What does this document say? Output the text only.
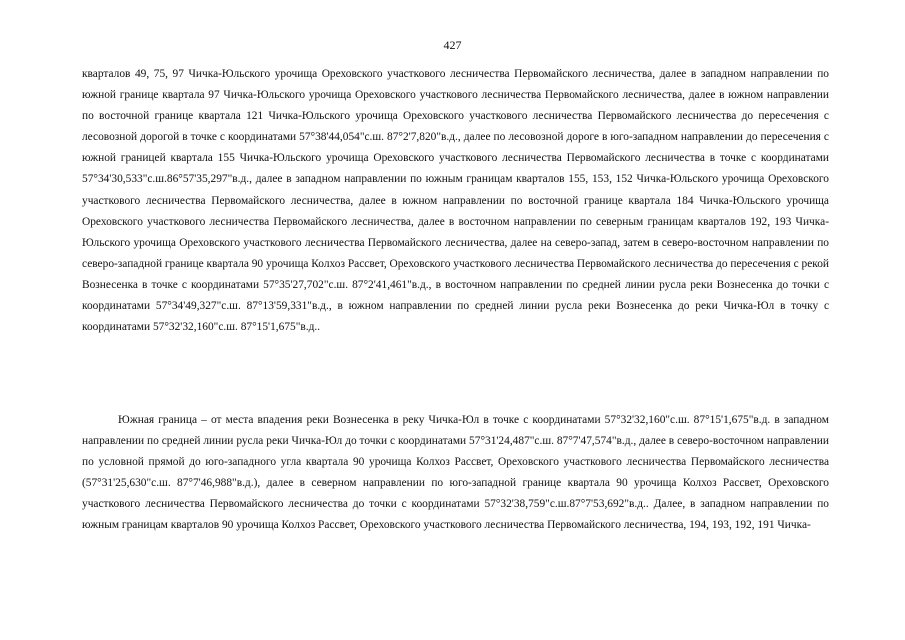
427

кварталов 49, 75, 97 Чичка-Юльского урочища Ореховского участкового лесничества Первомайского лесничества, далее в западном направлении по южной границе квартала 97 Чичка-Юльского урочища Ореховского участкового лесничества Первомайского лесничества, далее в южном направлении по восточной границе квартала 121 Чичка-Юльского урочища Ореховского участкового лесничества Первомайского лесничества до пересечения с лесовозной дорогой в точке с координатами 57°38'44,054"с.ш. 87°2'7,820"в.д., далее по лесовозной дороге в юго-западном направлении до пересечения с южной границей квартала 155 Чичка-Юльского урочища Ореховского участкового лесничества Первомайского лесничества в точке с координатами 57°34'30,533"с.ш.86°57'35,297"в.д., далее в западном направлении по южным границам кварталов 155, 153, 152 Чичка-Юльского урочища Ореховского участкового лесничества Первомайского лесничества, далее в южном направлении по восточной границе квартала 184 Чичка-Юльского урочища Ореховского участкового лесничества Первомайского лесничества, далее в восточном направлении по северным границам кварталов 192, 193 Чичка-Юльского урочища Ореховского участкового лесничества Первомайского лесничества, далее на северо-запад, затем в северо-восточном направлении по северо-западной границе квартала 90 урочища Колхоз Рассвет, Ореховского участкового лесничества Первомайского лесничества до пересечения с рекой Вознесенка в точке с координатами 57°35'27,702"с.ш. 87°2'41,461"в.д., в восточном направлении по средней линии русла реки Вознесенка до точки с координатами 57°34'49,327"с.ш. 87°13'59,331"в.д., в южном направлении по средней линии русла реки Вознесенка до реки Чичка-Юл в точку с координатами 57°32'32,160"с.ш. 87°15'1,675"в.д..

Южная граница – от места впадения реки Вознесенка в реку Чичка-Юл в точке с координатами 57°32'32,160"с.ш. 87°15'1,675"в.д. в западном направлении по средней линии русла реки Чичка-Юл до точки с координатами 57°31'24,487"с.ш. 87°7'47,574"в.д., далее в северо-восточном направлении по условной прямой до юго-западного угла квартала 90 урочища Колхоз Рассвет, Ореховского участкового лесничества Первомайского лесничества (57°31'25,630"с.ш. 87°7'46,988"в.д.), далее в северном направлении по юго-западной границе квартала 90 урочища Колхоз Рассвет, Ореховского участкового лесничества Первомайского лесничества до точки с координатами 57°32'38,759"с.ш.87°7'53,692"в.д.. Далее, в западном направлении по южным границам кварталов 90 урочища Колхоз Рассвет, Ореховского участкового лесничества Первомайского лесничества, 194, 193, 192, 191 Чичка-
